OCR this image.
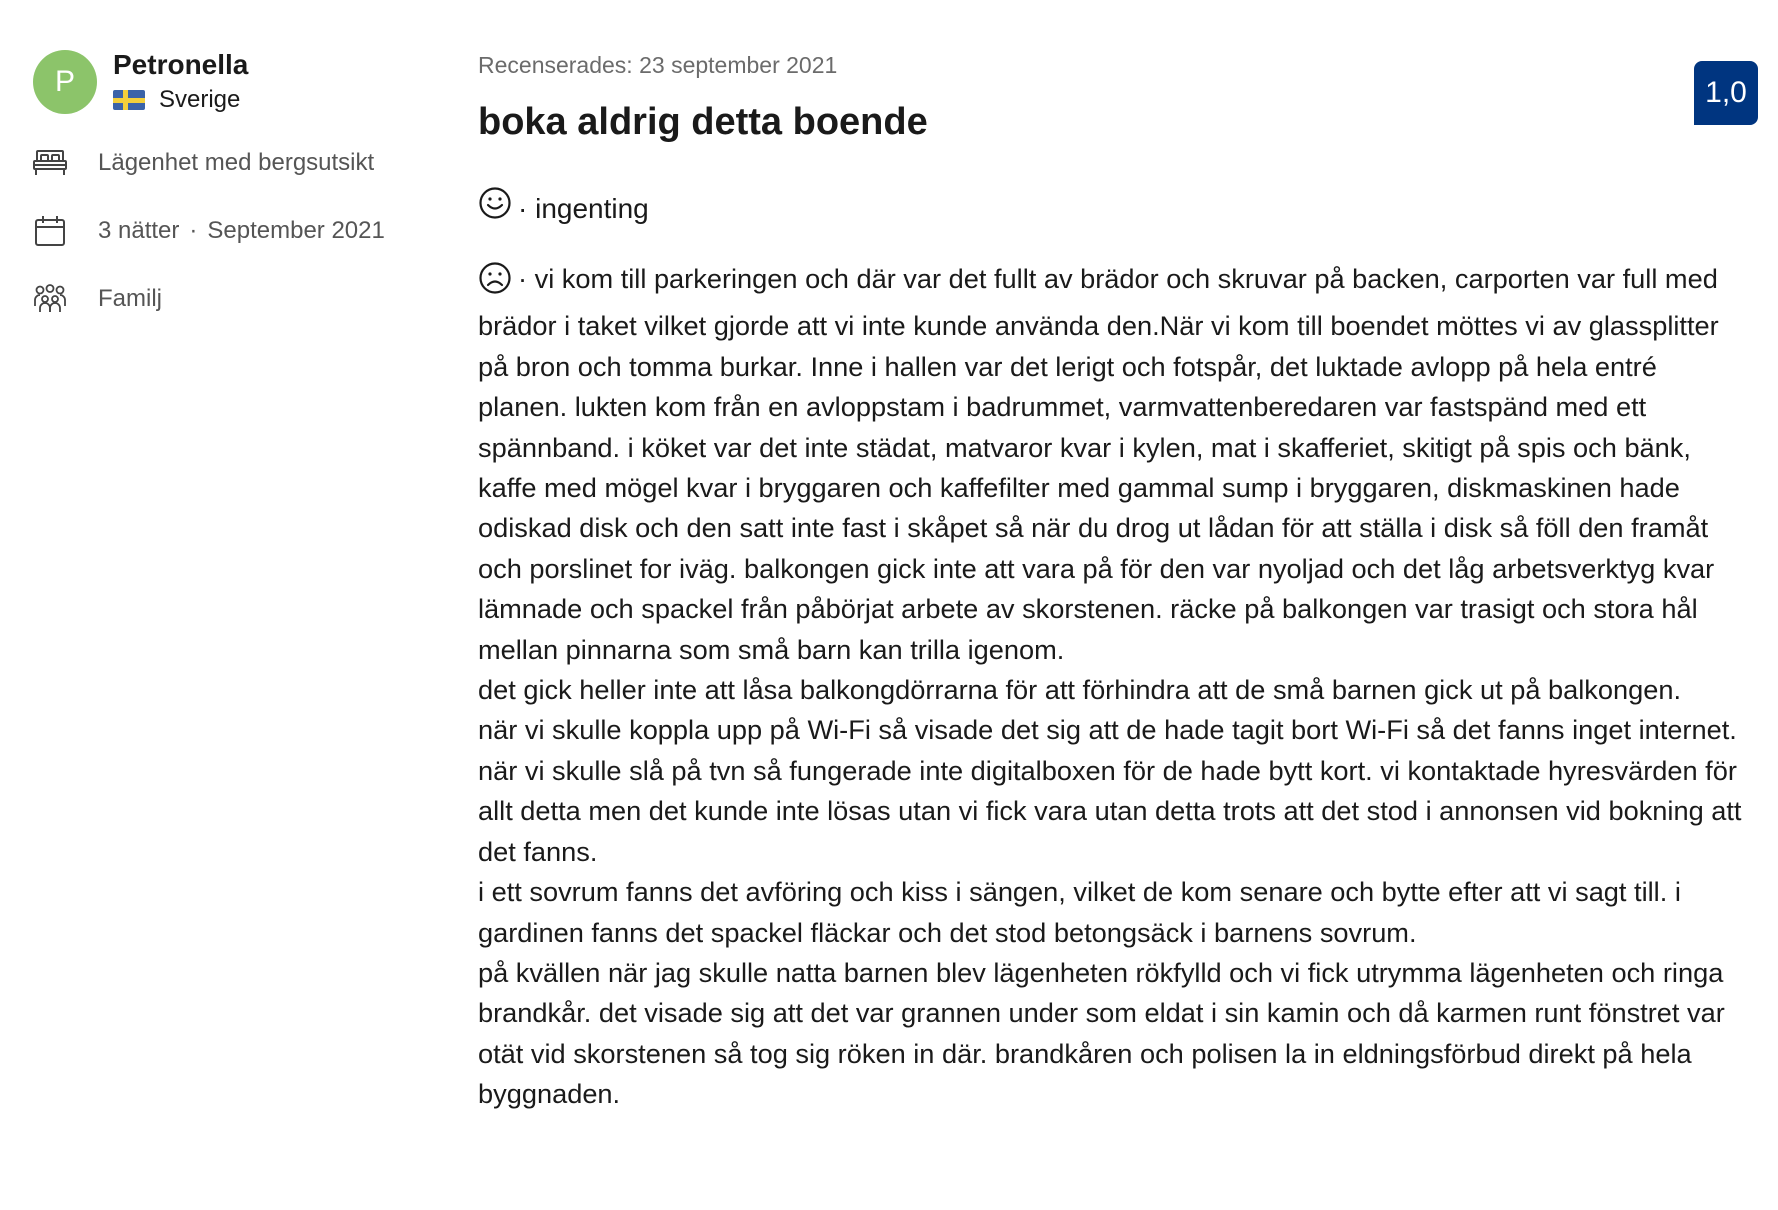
P
Petronella
Sverige
Lägenhet med bergsutsikt
3 nätter · September 2021
Familj
Recenserades: 23 september 2021
boka aldrig detta boende
· ingenting

· vi kom till parkeringen och där var det fullt av brädor och skruvar på backen, carporten var full med brädor i taket vilket gjorde att vi inte kunde använda den.När vi kom till boendet möttes vi av glassplitter på bron och tomma burkar. Inne i hallen var det lerigt och fotspår, det luktade avlopp på hela entré planen. lukten kom från en avloppstam i badrummet, varmvattenberedaren var fastspänd med ett spännband. i köket var det inte städat, matvaror kvar i kylen, mat i skafferiet, skitigt på spis och bänk, kaffe med mögel kvar i bryggaren och kaffefilter med gammal sump i bryggaren, diskmaskinen hade odiskad disk och den satt inte fast i skåpet så när du drog ut lådan för att ställa i disk så föll den framåt och porslinet for iväg. balkongen gick inte att vara på för den var nyoljad och det låg arbetsverktyg kvar lämnade och spackel från påbörjat arbete av skorstenen. räcke på balkongen var trasigt och stora hål mellan pinnarna som små barn kan trilla igenom.

det gick heller inte att låsa balkongdörrarna för att förhindra att de små barnen gick ut på balkongen.

när vi skulle koppla upp på Wi-Fi så visade det sig att de hade tagit bort Wi-Fi så det fanns inget internet. när vi skulle slå på tvn så fungerade inte digitalboxen för de hade bytt kort. vi kontaktade hyresvärden för allt detta men det kunde inte lösas utan vi fick vara utan detta trots att det stod i annonsen vid bokning att det fanns.

i ett sovrum fanns det avföring och kiss i sängen, vilket de kom senare och bytte efter att vi sagt till. i gardinen fanns det spackel fläckar och det stod betongsäck i barnens sovrum.

på kvällen när jag skulle natta barnen blev lägenheten rökfylld och vi fick utrymma lägenheten och ringa brandkår. det visade sig att det var grannen under som eldat i sin kamin och då karmen runt fönstret var otät vid skorstenen så tog sig röken in där. brandkåren och polisen la in eldningsförbud direkt på hela byggnaden.

1,0
